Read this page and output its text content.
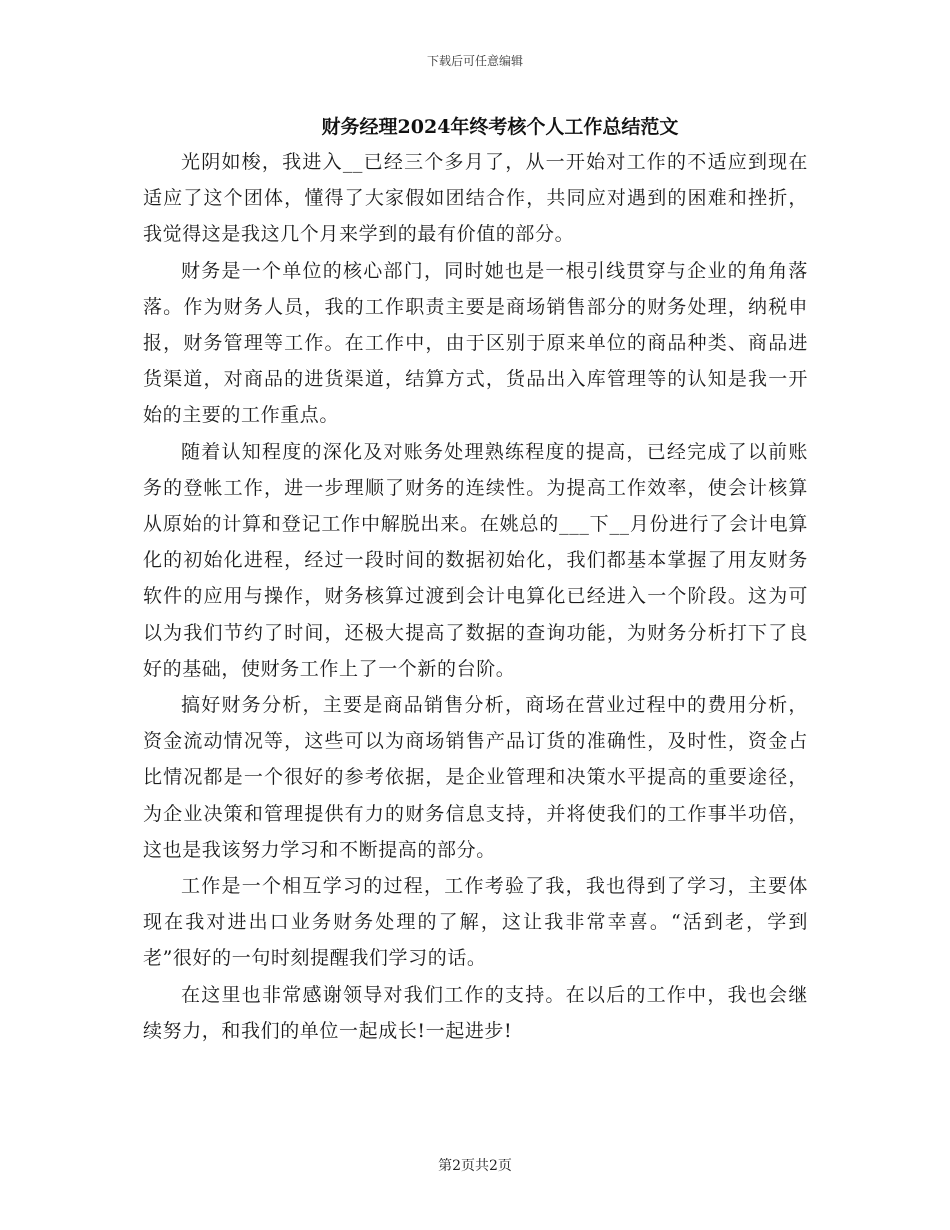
下载后可任意编辑
财务经理2024年终考核个人工作总结范文

光阴如梭，我进入__已经三个多月了，从一开始对工作的不适应到现在适应了这个团体，懂得了大家假如团结合作，共同应对遇到的困难和挫折，我觉得这是我这几个月来学到的最有价值的部分。

财务是一个单位的核心部门，同时她也是一根引线贯穿与企业的角角落落。作为财务人员，我的工作职责主要是商场销售部分的财务处理，纳税申报，财务管理等工作。在工作中，由于区别于原来单位的商品种类、商品进货渠道，对商品的进货渠道，结算方式，货品出入库管理等的认知是我一开始的主要的工作重点。

随着认知程度的深化及对账务处理熟练程度的提高，已经完成了以前账务的登帐工作，进一步理顺了财务的连续性。为提高工作效率，使会计核算从原始的计算和登记工作中解脱出来。在姚总的___下__月份进行了会计电算化的初始化进程，经过一段时间的数据初始化，我们都基本掌握了用友财务软件的应用与操作，财务核算过渡到会计电算化已经进入一个阶段。这为可以为我们节约了时间，还极大提高了数据的查询功能，为财务分析打下了良好的基础，使财务工作上了一个新的台阶。

搞好财务分析，主要是商品销售分析，商场在营业过程中的费用分析，资金流动情况等，这些可以为商场销售产品订货的准确性，及时性，资金占比情况都是一个很好的参考依据，是企业管理和决策水平提高的重要途径，为企业决策和管理提供有力的财务信息支持，并将使我们的工作事半功倍，这也是我该努力学习和不断提高的部分。

工作是一个相互学习的过程，工作考验了我，我也得到了学习，主要体现在我对进出口业务财务处理的了解，这让我非常幸喜。“活到老，学到老”很好的一句时刻提醒我们学习的话。

在这里也非常感谢领导对我们工作的支持。在以后的工作中，我也会继续努力，和我们的单位一起成长!一起进步!

第2页共2页
